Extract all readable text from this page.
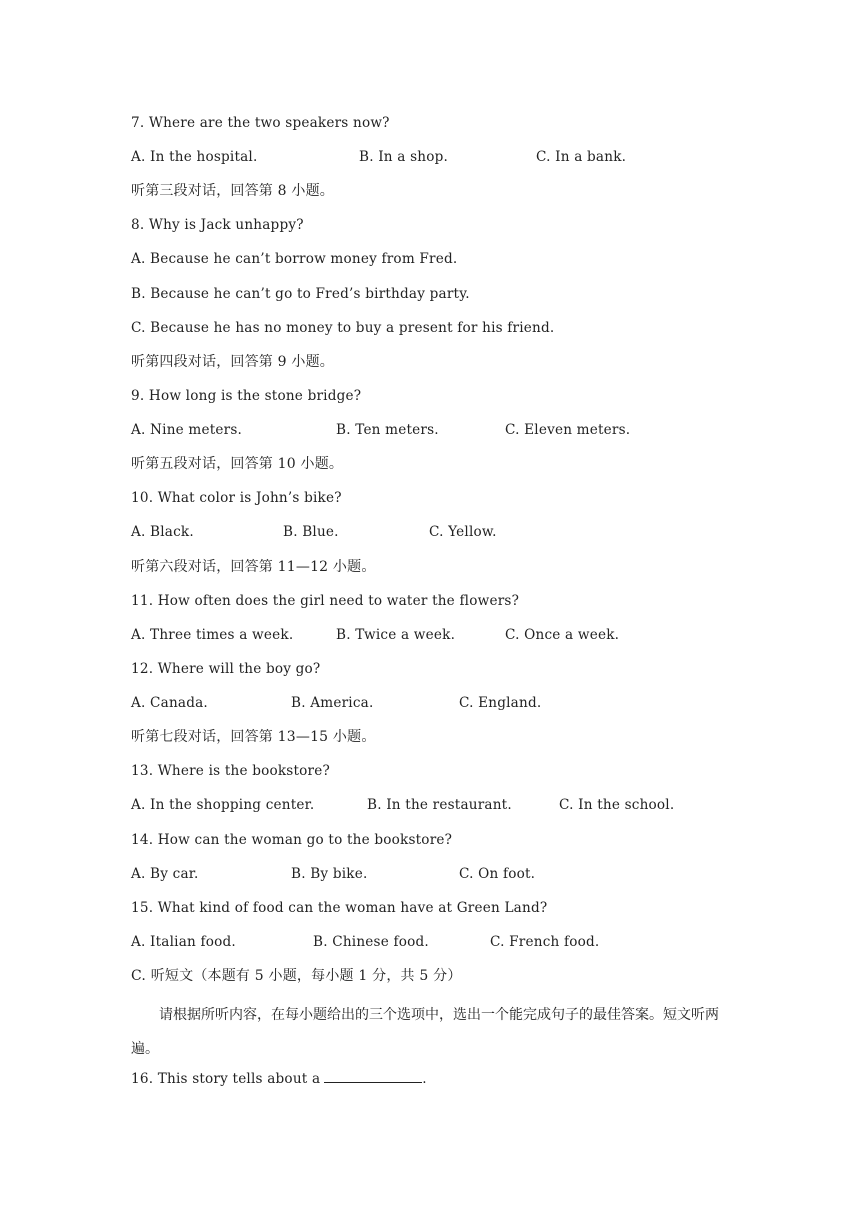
7. Where are the two speakers now?
A. In the hospital.	B. In a shop.	C. In a bank.
听第三段对话，回答第 8 小题。
8. Why is Jack unhappy?
A. Because he can’t borrow money from Fred.
B. Because he can’t go to Fred’s birthday party.
C. Because he has no money to buy a present for his friend.
听第四段对话，回答第 9 小题。
9. How long is the stone bridge?
A. Nine meters.	B. Ten meters.	C. Eleven meters.
听第五段对话，回答第 10 小题。
10. What color is John’s bike?
A. Black.	B. Blue.	C. Yellow.
听第六段对话，回答第 11—12 小题。
11. How often does the girl need to water the flowers?
A. Three times a week.	B. Twice a week.	C. Once a week.
12. Where will the boy go?
A. Canada.	B. America.	C. England.
听第七段对话，回答第 13—15 小题。
13. Where is the bookstore?
A. In the shopping center.	B. In the restaurant.	C. In the school.
14. How can the woman go to the bookstore?
A. By car.	B. By bike.	C. On foot.
15. What kind of food can the woman have at Green Land?
A. Italian food.	B. Chinese food.	C. French food.
C. 听短文（本题有 5 小题，每小题 1 分，共 5 分）
请根据所听内容，在每小题给出的三个选项中，选出一个能完成句子的最佳答案。短文听两遍。
16. This story tells about a	.
